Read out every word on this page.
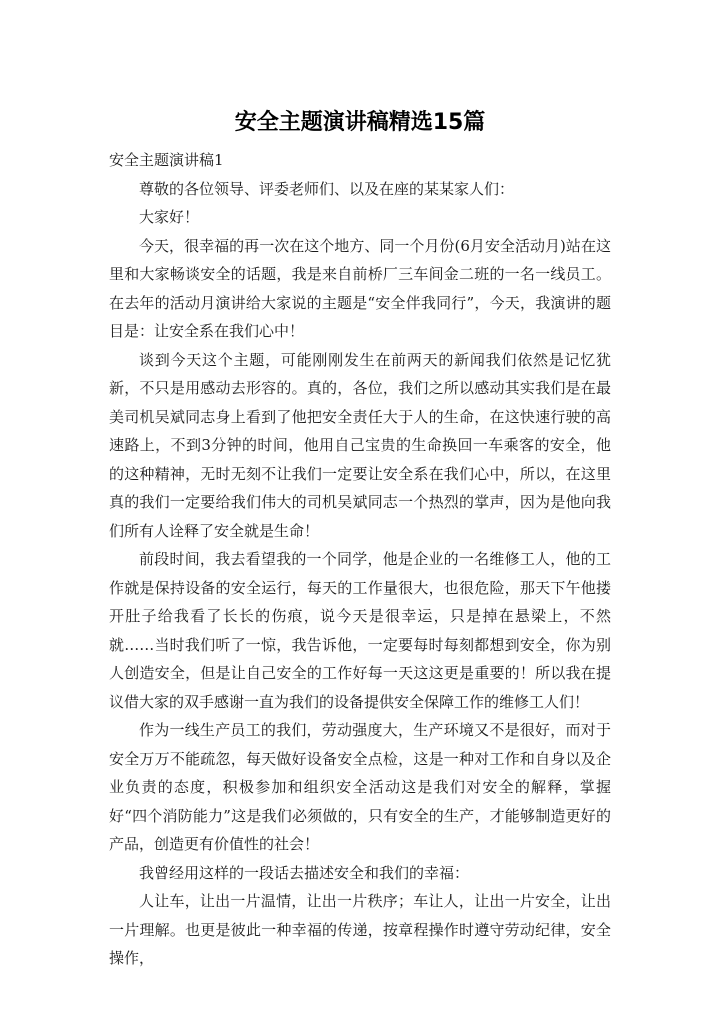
安全主题演讲稿精选15篇

安全主题演讲稿1

尊敬的各位领导、评委老师们、以及在座的某某家人们：

大家好！

今天，很幸福的再一次在这个地方、同一个月份(6月安全活动月)站在这里和大家畅谈安全的话题，我是来自前桥厂三车间金二班的一名一线员工。在去年的活动月演讲给大家说的主题是“安全伴我同行”，今天，我演讲的题目是：让安全系在我们心中！

谈到今天这个主题，可能刚刚发生在前两天的新闻我们依然是记忆犹新，不只是用感动去形容的。真的，各位，我们之所以感动其实我们是在最美司机吴斌同志身上看到了他把安全责任大于人的生命，在这快速行驶的高速路上，不到3分钟的时间，他用自己宝贵的生命换回一车乘客的安全，他的这种精神，无时无刻不让我们一定要让安全系在我们心中，所以，在这里真的我们一定要给我们伟大的司机吴斌同志一个热烈的掌声，因为是他向我们所有人诠释了安全就是生命！

前段时间，我去看望我的一个同学，他是企业的一名维修工人，他的工作就是保持设备的安全运行，每天的工作量很大，也很危险，那天下午他搂开肚子给我看了长长的伤痕，说今天是很幸运，只是掉在悬梁上，不然就……当时我们听了一惊，我告诉他，一定要每时每刻都想到安全，你为别人创造安全，但是让自己安全的工作好每一天这这更是重要的！所以我在提议借大家的双手感谢一直为我们的设备提供安全保障工作的维修工人们！

作为一线生产员工的我们，劳动强度大，生产环境又不是很好，而对于安全万万不能疏忽，每天做好设备安全点检，这是一种对工作和自身以及企业负责的态度，积极参加和组织安全活动这是我们对安全的解释，掌握好“四个消防能力”这是我们必须做的，只有安全的生产，才能够制造更好的产品，创造更有价值性的社会！

我曾经用这样的一段话去描述安全和我们的幸福：

人让车，让出一片温情，让出一片秩序；车让人，让出一片安全，让出一片理解。也更是彼此一种幸福的传递，按章程操作时遵守劳动纪律，安全操作，
